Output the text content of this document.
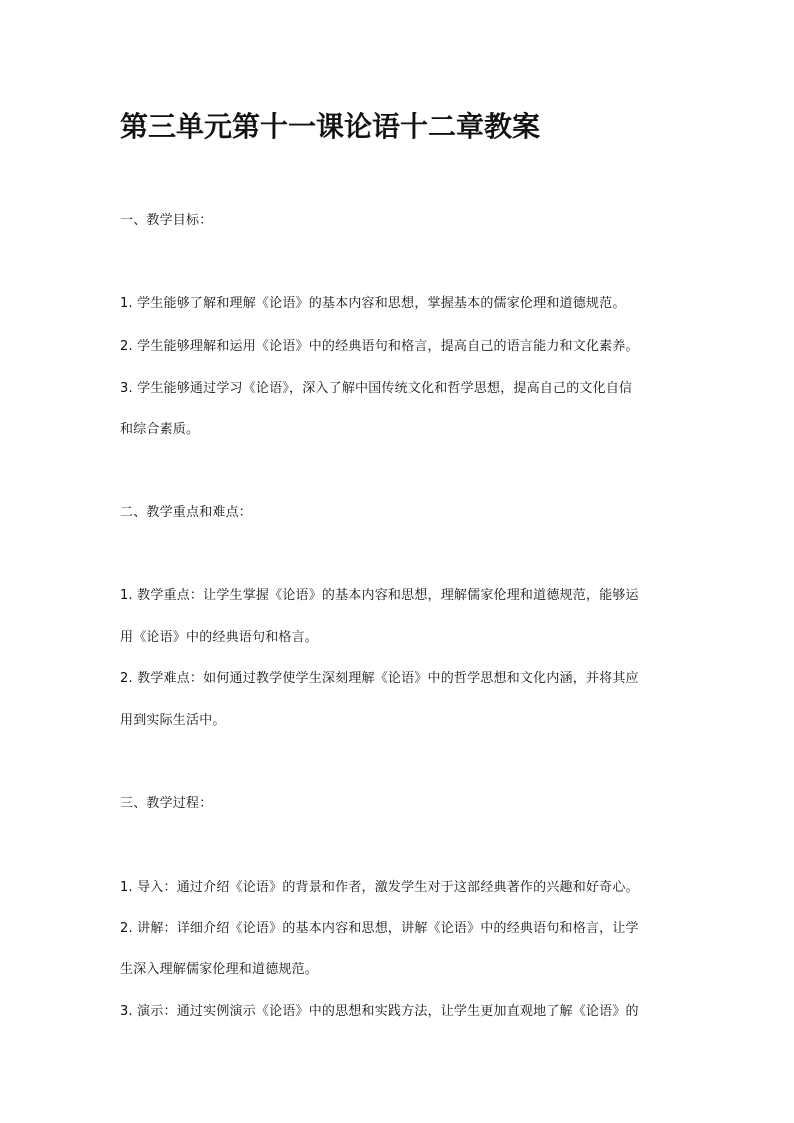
第三单元第十一课论语十二章教案
一、教学目标：
1. 学生能够了解和理解《论语》的基本内容和思想，掌握基本的儒家伦理和道德规范。
2. 学生能够理解和运用《论语》中的经典语句和格言，提高自己的语言能力和文化素养。
3. 学生能够通过学习《论语》，深入了解中国传统文化和哲学思想，提高自己的文化自信
和综合素质。
二、教学重点和难点：
1. 教学重点：让学生掌握《论语》的基本内容和思想，理解儒家伦理和道德规范，能够运
用《论语》中的经典语句和格言。
2. 教学难点：如何通过教学使学生深刻理解《论语》中的哲学思想和文化内涵，并将其应
用到实际生活中。
三、教学过程：
1. 导入：通过介绍《论语》的背景和作者，激发学生对于这部经典著作的兴趣和好奇心。
2. 讲解：详细介绍《论语》的基本内容和思想，讲解《论语》中的经典语句和格言，让学
生深入理解儒家伦理和道德规范。
3. 演示：通过实例演示《论语》中的思想和实践方法，让学生更加直观地了解《论语》的
